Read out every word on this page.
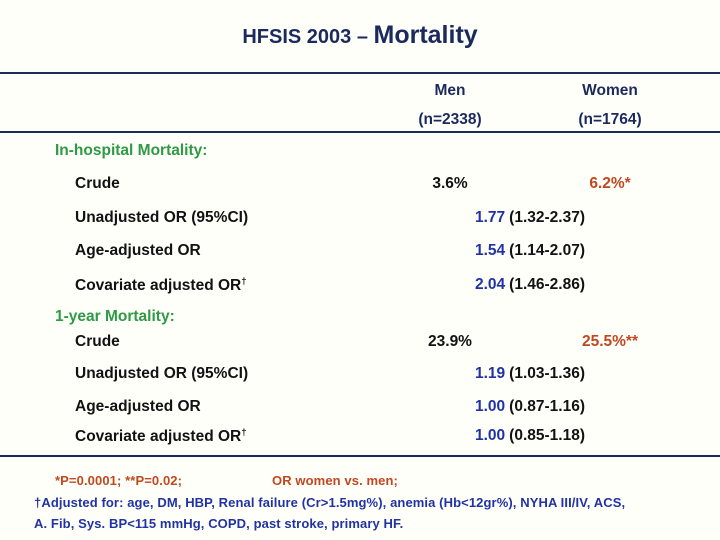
HFSIS 2003 – Mortality
Men
(n=2338)
Women
(n=1764)
In-hospital Mortality:
Crude	3.6%	6.2%*
Unadjusted OR (95%CI)	1.77 (1.32-2.37)
Age-adjusted OR	1.54 (1.14-2.07)
Covariate adjusted OR†	2.04 (1.46-2.86)
1-year Mortality:
Crude	23.9%	25.5%**
Unadjusted OR (95%CI)	1.19 (1.03-1.36)
Age-adjusted OR	1.00 (0.87-1.16)
Covariate adjusted OR†	1.00 (0.85-1.18)
*P=0.0001; **P=0.02;	OR women vs. men;
†Adjusted for: age, DM, HBP, Renal failure (Cr>1.5mg%), anemia (Hb<12gr%), NYHA III/IV, ACS,
A. Fib, Sys. BP<115 mmHg, COPD, past stroke, primary HF.
